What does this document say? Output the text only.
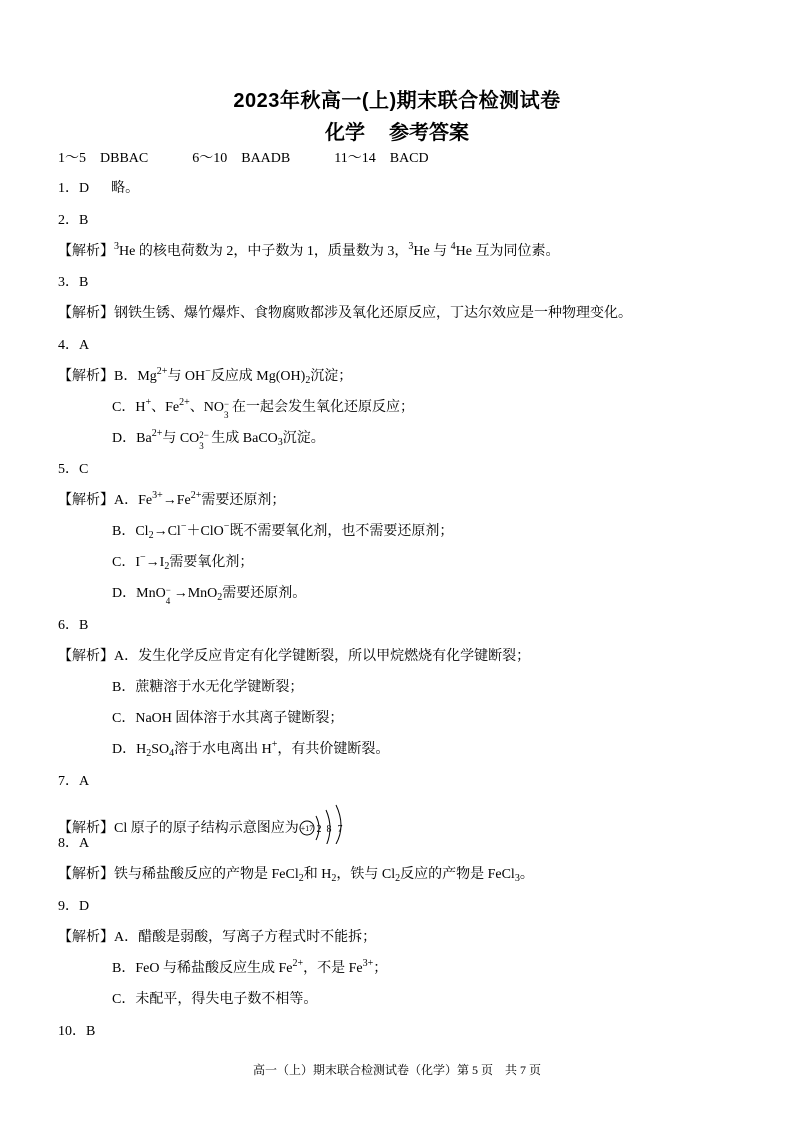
2023年秋高一(上)期末联合检测试卷
化学 参考答案
1～5 DBBAC	6～10 BAADB	11～14 BACD
1．D 略。
2．B
【解析】$^3$He 的核电荷数为 2，中子数为 1，质量数为 3，$^3$He 与 $^4$He 互为同位素。
3．B
【解析】钢铁生锈、爆竹爆炸、食物腐败都涉及氧化还原反应，丁达尔效应是一种物理变化。
4．A
【解析】B．$Mg^{2+}$与 OH−反应成 $Mg(OH)_2$沉淀；
C．H+、$Fe^{2+}$、NO −
3 在一起会发生氧化还原反应；
D．$Ba^{2+}$与 CO 2−
3 生成 BaCO$_3$沉淀。
5．C
【解析】A．$Fe^{3+}\to Fe^{2+}$需要还原剂；
B．$Cl_2\to Cl^-+ClO^-$既不需要氧化剂，也不需要还原剂；
C．$I^-\to I_2$需要氧化剂；
D．MnO −
4 →MnO$_2$需要还原剂。
6．B
【解析】A．发生化学反应肯定有化学键断裂，所以甲烷燃烧有化学键断裂；
B．蔗糖溶于水无化学键断裂；
C．NaOH 固体溶于水其离子键断裂；
D．$H_2SO_4$溶于水电离出 H+，有共价键断裂。
7．A
【解析】Cl 原子的原子结构示意图应为 +17 2 8 7
8．A
【解析】铁与稀盐酸反应的产物是 FeCl$_2$和 $H_2$，铁与 $Cl_2$反应的产物是 FeCl$_3$。
9．D
【解析】A．醋酸是弱酸，写离子方程式时不能拆；
B．FeO 与稀盐酸反应生成 $Fe^{2+}$，不是 $Fe^{3+}$；
C．未配平，得失电子数不相等。
10．B
高一（上）期末联合检测试卷（化学）第 5 页　共 7 页
